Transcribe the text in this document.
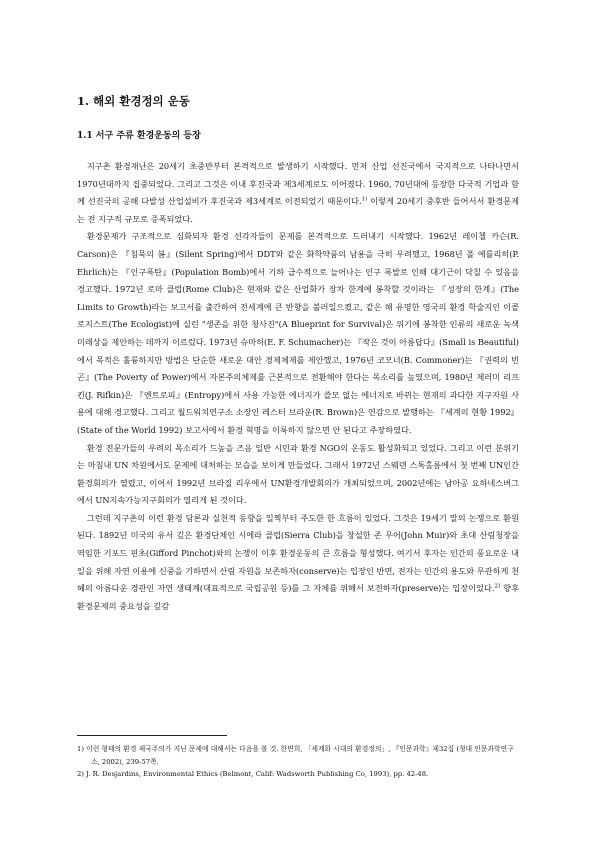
1. 해외 환경정의 운동
1.1 서구 주류 환경운동의 등장

지구촌 환경재난은 20세기 초중반부터 본격적으로 발생하기 시작했다. 먼저 산업 선진국에서 국지적으로 나타나면서 1970년대까지 집중되었다. 그리고 그것은 이내 후진국과 제3세계로도 이어졌다. 1960, 70년대에 등장한 다국적 기업과 함께 선진국의 공해 다발성 산업설비가 후진국과 제3세계로 이전되었기 때문이다.$^{1)}$ 이렇게 20세기 중후반 들어서서 환경문제는 전 지구적 규모로 증폭되었다.

환경문제가 구조적으로 심화되자 환경 선각자들이 문제를 본격적으로 드러내기 시작했다. 1962년 레이첼 카슨(R. Carson)은 『침묵의 봄』(Silent Spring)에서 DDT와 같은 화학약품의 남용을 극히 우려했고, 1968년 폴 에를리히(P. Ehrlich)는 『인구폭탄』(Population Bomb)에서 기하 급수적으로 늘어나는 인구 폭발로 인해 대기근이 닥칠 수 있음을 경고했다. 1972년 로마 클럽(Rome Club)은 현재와 같은 산업화가 장차 한계에 봉착할 것이라는 『성장의 한계』(The Limits to Growth)라는 보고서를 출간하여 전세계에 큰 반향을 불러일으켰고, 같은 해 유명한 영국의 환경 학술지인 이콜로지스트(The Ecologist)에 실린 "생존을 위한 청사진"(A Blueprint for Survival)은 위기에 봉착한 인류의 새로운 녹색 미래상을 제안하는 데까지 이르렀다. 1973년 슈마허(E. F. Schumacher)는 『작은 것이 아름답다』(Small is Beautiful)에서 목적은 훌륭하지만 방법은 단순한 새로운 대안 경제체제를 제안했고, 1976년 코모너(B. Commoner)는 『권력의 빈곤』(The Poverty of Power)에서 자본주의체제를 근본적으로 전환해야 한다는 목소리를 높였으며, 1980년 제러미 리프킨(J. Rifkin)은 『엔트로피』(Entropy)에서 사용 가능한 에너지가 쓸모 없는 에너지로 바뀌는 현재의 과다한 지구자원 사용에 대해 경고했다. 그리고 월드워치연구소 소장인 레스터 브라운(R. Brown)은 연감으로 발행하는 『세계의 현황 1992』(State of the World 1992) 보고서에서 환경 혁명을 이룩하지 않으면 안 된다고 주장하였다.

환경 전문가들의 우려의 목소리가 드높을 즈음 일반 시민과 환경 NGO의 운동도 활성화되고 있었다. 그리고 이런 분위기는 마침내 UN 차원에서도 문제에 대처하는 모습을 보이게 만들었다. 그래서 1972년 스웨덴 스톡홀름에서 첫 번째 UN인간환경회의가 열렸고, 이어서 1992년 브라질 리우에서 UN환경개발회의가 개최되었으며, 2002년에는 남아공 요하네스버그에서 UN지속가능지구회의가 열리게 된 것이다.

그런데 지구촌의 이런 환경 담론과 실천적 동향을 일찍부터 주도한 한 흐름이 있었다. 그것은 19세기 말의 논쟁으로 환원된다. 1892년 미국의 유서 깊은 환경단체인 시에라 클럽(Sierra Club)을 창설한 존 무어(John Muir)와 초대 산림청장을 역임한 기포드 핀초(Gifford Pinchot)와의 논쟁이 이후 환경운동의 큰 흐름을 형성했다. 여기서 후자는 인간의 풍요로운 내일을 위해 자연 이용에 신중을 기하면서 산림 자원을 보존하자(conserve)는 입장인 반면, 전자는 인간의 용도와 무관하게 천혜의 아름다운 경관인 자연 생태계(대표적으로 국립공원 등)를 그 자체를 위해서 보전하자(preserve)는 입장이었다.$^{2)}$ 향후 환경문제의 중요성을 깊감

1) 이런 형태의 환경 제국주의가 지닌 문제에 대해서는 다음을 볼 것. 한면희, 「세계화 시대의 환경정의」, 『인문과학』제32집 (청대 인문과학연구소, 2002), 239-57쪽.
2) J. R. Desjardins, Environmental Ethics (Belmont, Calif: Wadsworth Publishing Co, 1993), pp. 42-48.
